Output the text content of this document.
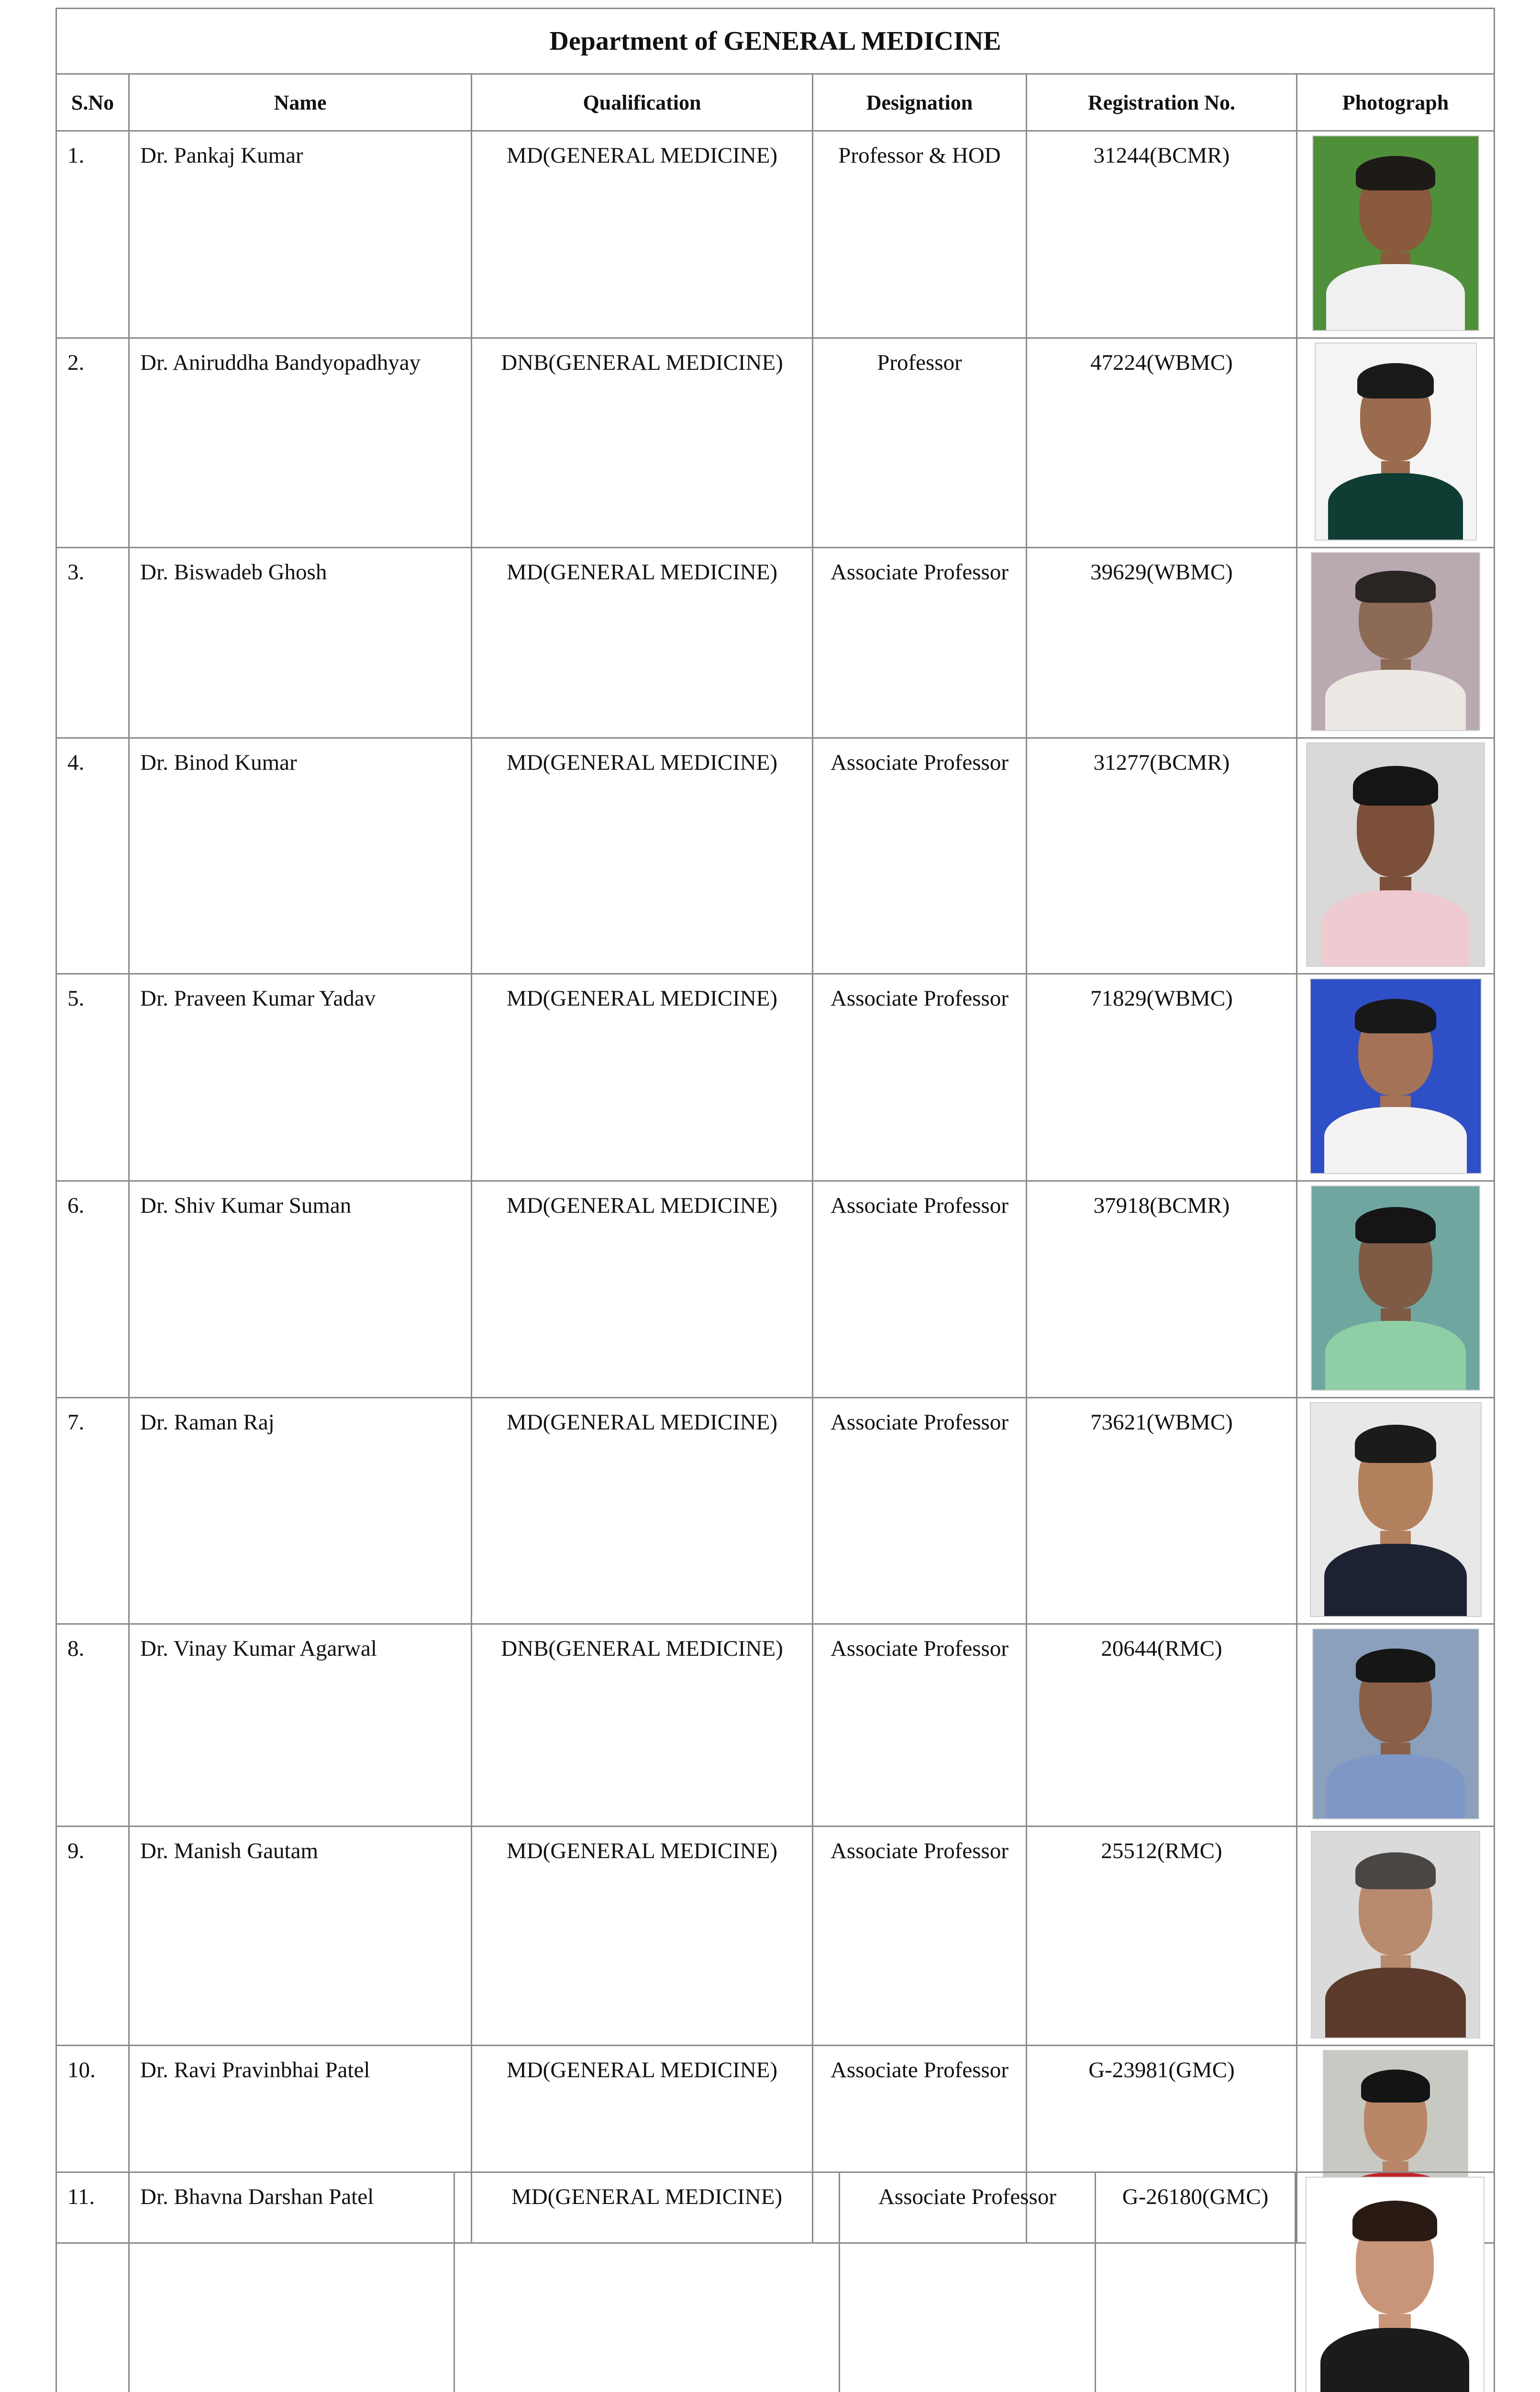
Department of GENERAL MEDICINE					
S.No	Name	Qualification	Designation	Registration No.	Photograph
1.	Dr. Pankaj Kumar	MD(GENERAL MEDICINE)	Professor & HOD	31244(BCMR)	

2.	Dr. Aniruddha Bandyopadhyay	DNB(GENERAL MEDICINE)	Professor	47224(WBMC)	

3.	Dr. Biswadeb Ghosh	MD(GENERAL MEDICINE)	Associate Professor	39629(WBMC)	

4.	Dr. Binod Kumar	MD(GENERAL MEDICINE)	Associate Professor	31277(BCMR)	

5.	Dr. Praveen Kumar Yadav	MD(GENERAL MEDICINE)	Associate Professor	71829(WBMC)	

6.	Dr. Shiv Kumar Suman	MD(GENERAL MEDICINE)	Associate Professor	37918(BCMR)	

7.	Dr. Raman Raj	MD(GENERAL MEDICINE)	Associate Professor	73621(WBMC)	

8.	Dr. Vinay Kumar Agarwal	DNB(GENERAL MEDICINE)	Associate Professor	20644(RMC)	

9.	Dr. Manish Gautam	MD(GENERAL MEDICINE)	Associate Professor	25512(RMC)	

10.	Dr. Ravi Pravinbhai Patel	MD(GENERAL MEDICINE)	Associate Professor	G-23981(GMC)	
11.	Dr. Bhavna Darshan Patel	MD(GENERAL MEDICINE)	Associate Professor	G-26180(GMC)	
